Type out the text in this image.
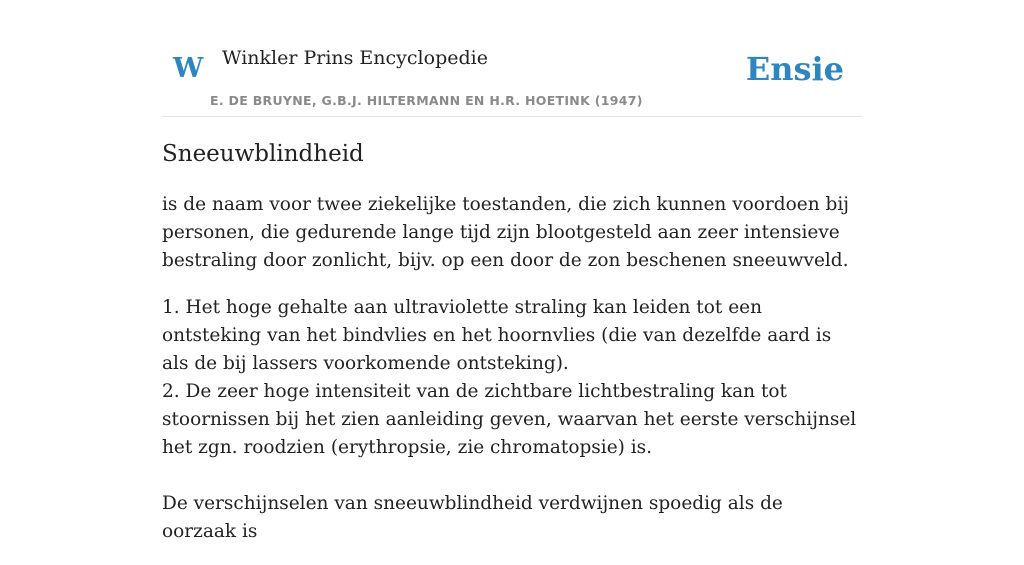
W Winkler Prins Encyclopedie
E. DE BRUYNE, G.B.J. HILTERMANN EN H.R. HOETINK (1947)
Ensie
Sneeuwblindheid

is de naam voor twee ziekelijke toestanden, die zich kunnen voordoen bij personen, die gedurende lange tijd zijn blootgesteld aan zeer intensieve bestraling door zonlicht, bijv. op een door de zon beschenen sneeuwveld.

1. Het hoge gehalte aan ultraviolette straling kan leiden tot een ontsteking van het bindvlies en het hoornvlies (die van dezelfde aard is als de bij lassers voorkomende ontsteking).
2. De zeer hoge intensiteit van de zichtbare lichtbestraling kan tot stoornissen bij het zien aanleiding geven, waarvan het eerste verschijnsel het zgn. roodzien (erythropsie, zie chromatopsie) is.

De verschijnselen van sneeuwblindheid verdwijnen spoedig als de oorzaak is
